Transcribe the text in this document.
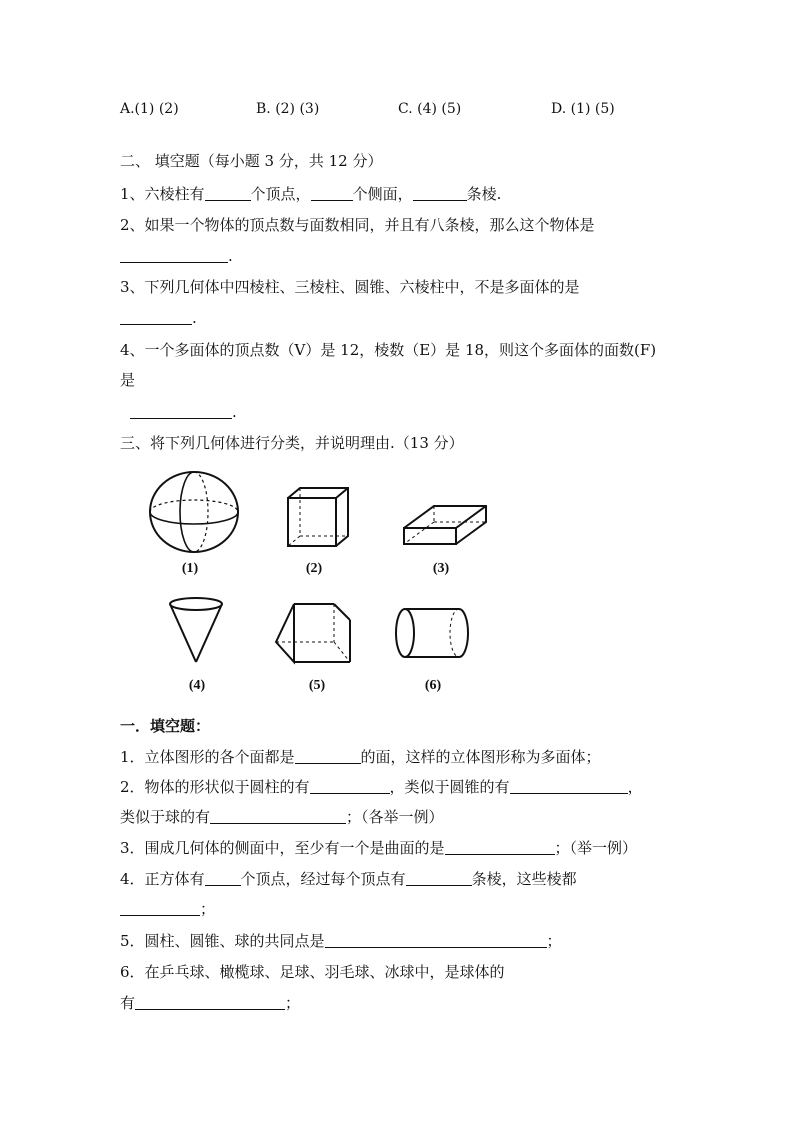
A.(1) (2)	B. (2) (3)	C. (4) (5)	D. (1) (5)
二、 填空题（每小题 3 分，共 12 分）
1、六棱柱有	个顶点，	个侧面，	条棱.
2、如果一个物体的顶点数与面数相同，并且有八条棱，那么这个物体是
.
3、下列几何体中四棱柱、三棱柱、圆锥、六棱柱中，不是多面体的是
.
4、一个多面体的顶点数（V）是 12，棱数（E）是 18，则这个多面体的面数(F)
是
.
三、将下列几何体进行分类，并说明理由.（13 分）
(1)	(2)	(3)
(4)	(5)	(6)
一．填空题：
1．立体图形的各个面都是	的面，这样的立体图形称为多面体；
2．物体的形状似于圆柱的有	，类似于圆锥的有	，
类似于球的有	；（各举一例）
3．围成几何体的侧面中，至少有一个是曲面的是	；（举一例）
4．正方体有 个顶点，经过每个顶点有	条棱，这些棱都
；
5．圆柱、圆锥、球的共同点是	；
6．在乒乓球、橄榄球、足球、羽毛球、冰球中，是球体的
有	；
